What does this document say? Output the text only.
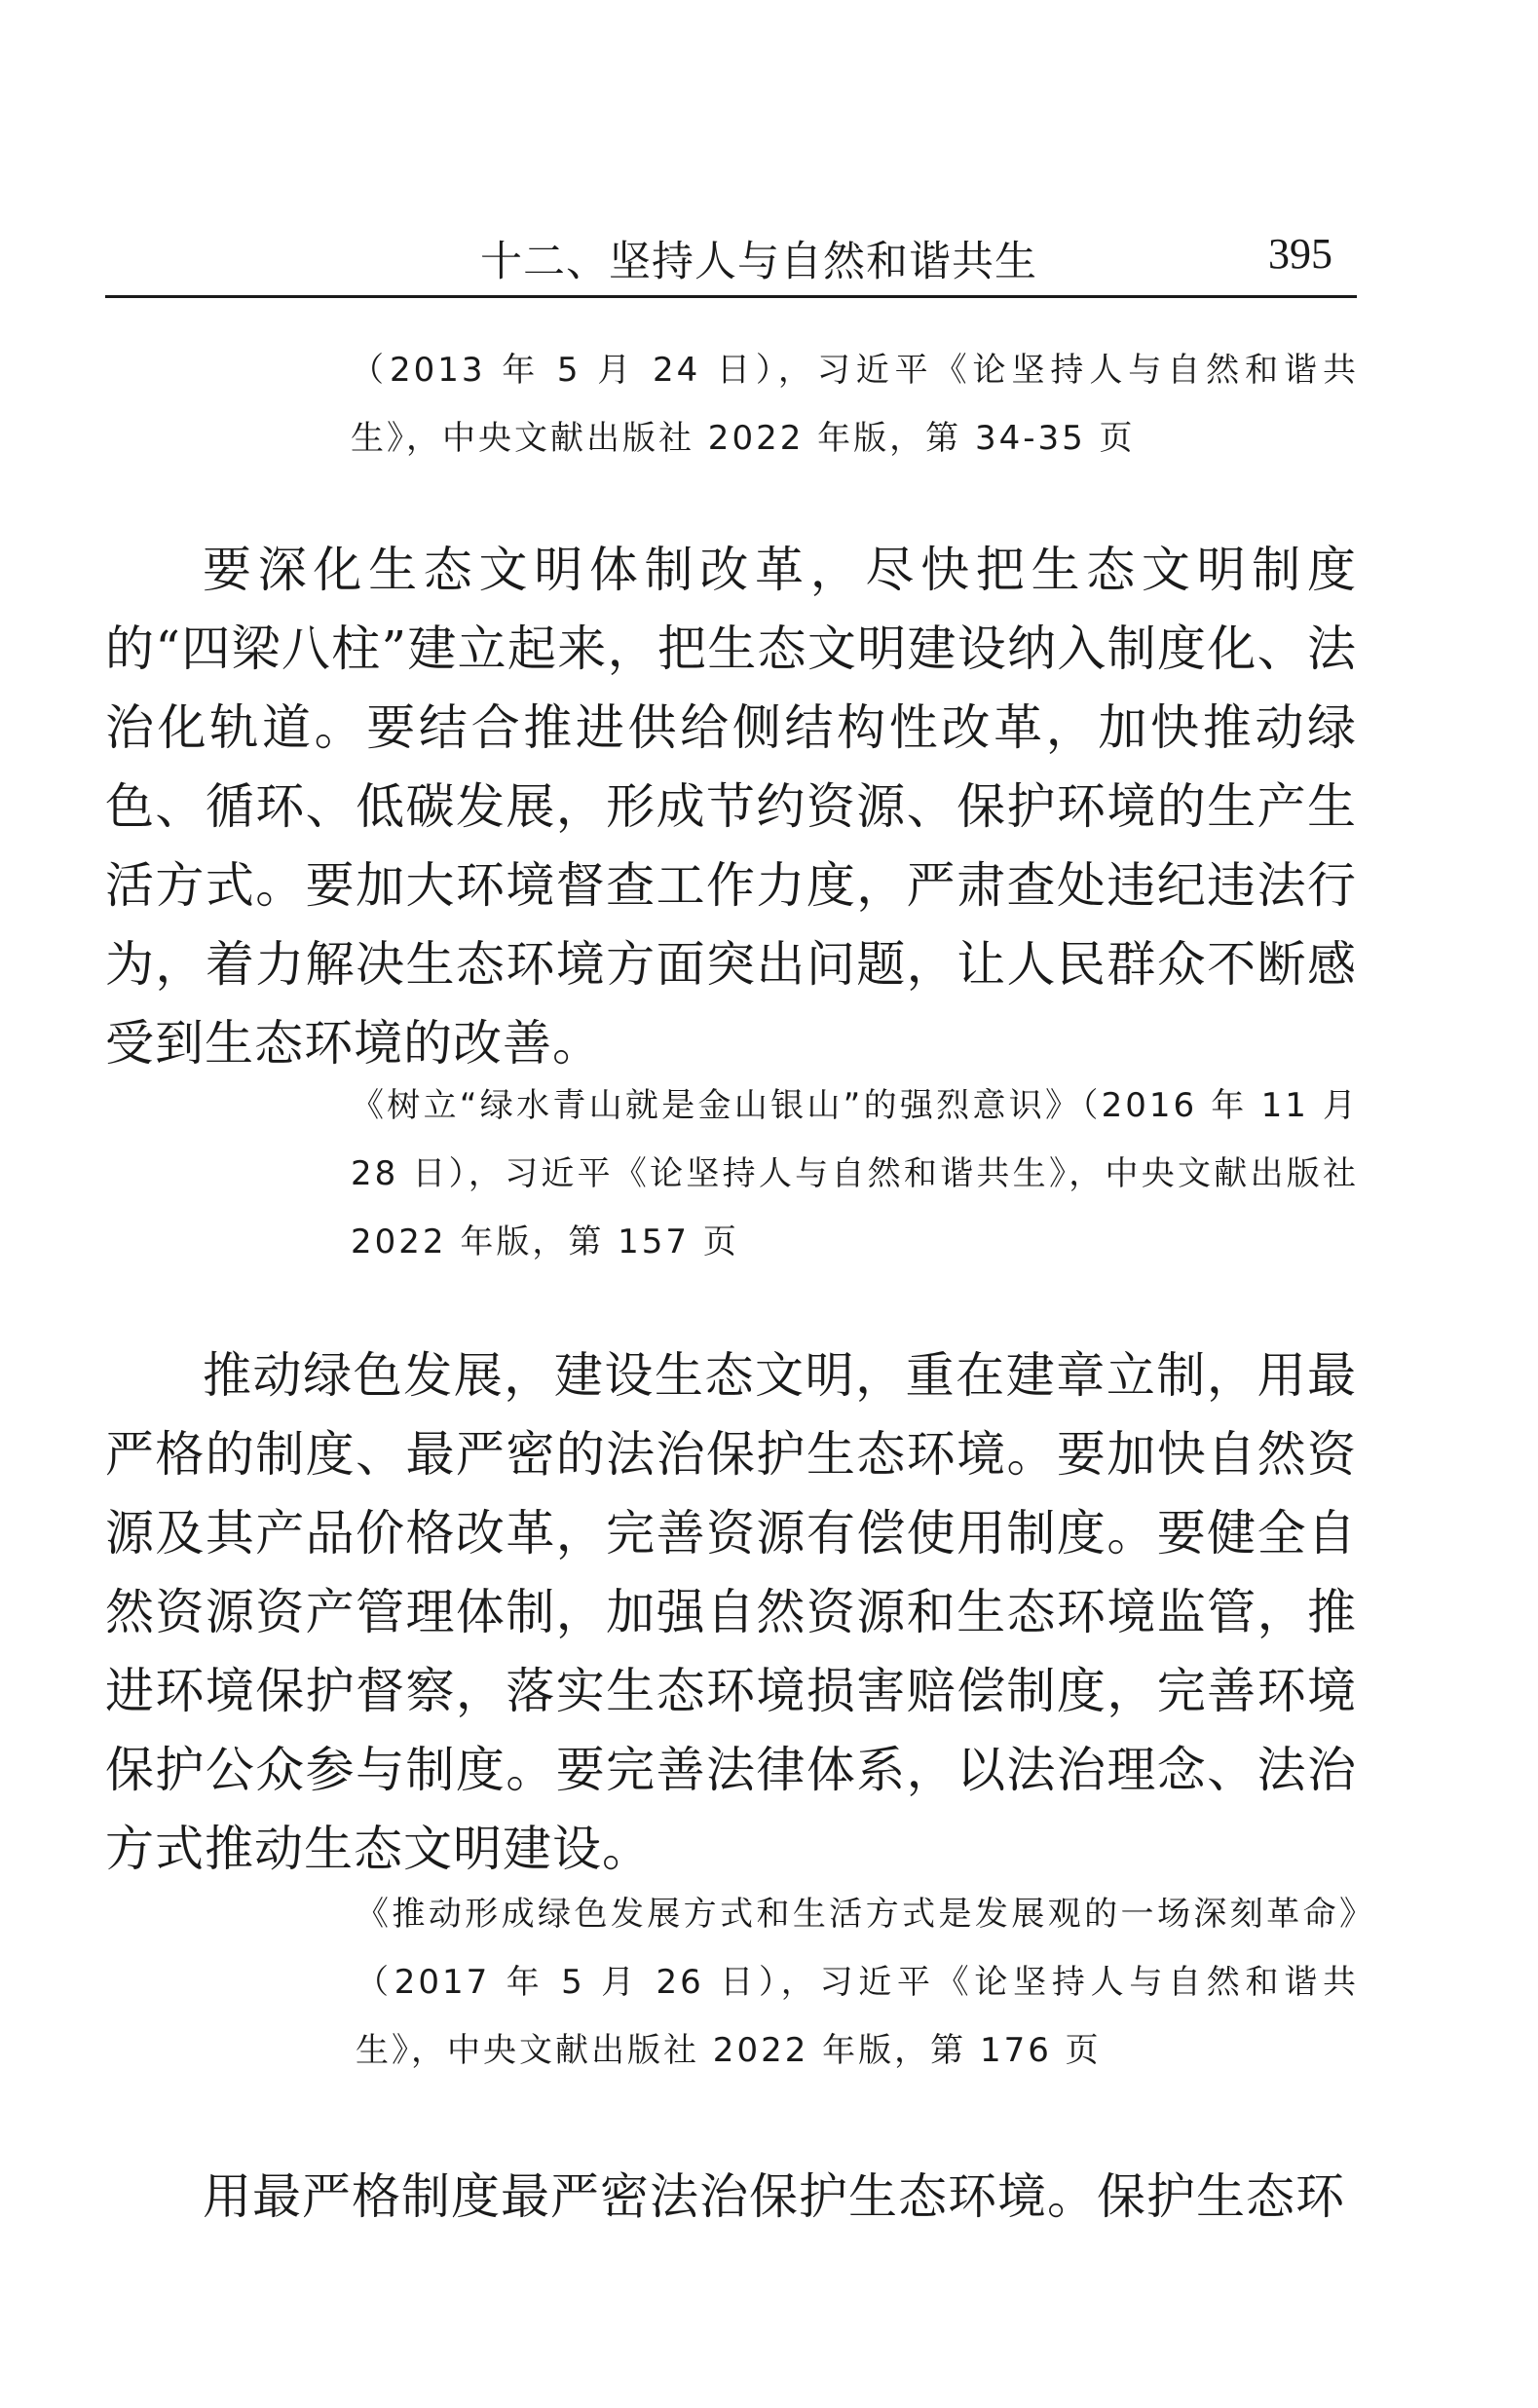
十二、坚持人与自然和谐共生	395
（2013 年 5 月 24 日），习近平《论坚持人与自然和谐共生》，中央文献出版社 2022 年版，第 34-35 页
要深化生态文明体制改革，尽快把生态文明制度的“四梁八柱”建立起来，把生态文明建设纳入制度化、法治化轨道。要结合推进供给侧结构性改革，加快推动绿色、循环、低碳发展，形成节约资源、保护环境的生产生活方式。要加大环境督查工作力度，严肃查处违纪违法行为，着力解决生态环境方面突出问题，让人民群众不断感受到生态环境的改善。
《树立“绿水青山就是金山银山”的强烈意识》（2016 年 11 月 28 日），习近平《论坚持人与自然和谐共生》，中央文献出版社 2022 年版，第 157 页
推动绿色发展，建设生态文明，重在建章立制，用最严格的制度、最严密的法治保护生态环境。要加快自然资源及其产品价格改革，完善资源有偿使用制度。要健全自然资源资产管理体制，加强自然资源和生态环境监管，推进环境保护督察，落实生态环境损害赔偿制度，完善环境保护公众参与制度。要完善法律体系，以法治理念、法治方式推动生态文明建设。
《推动形成绿色发展方式和生活方式是发展观的一场深刻革命》（2017 年 5 月 26 日），习近平《论坚持人与自然和谐共生》，中央文献出版社 2022 年版，第 176 页
用最严格制度最严密法治保护生态环境。保护生态环
